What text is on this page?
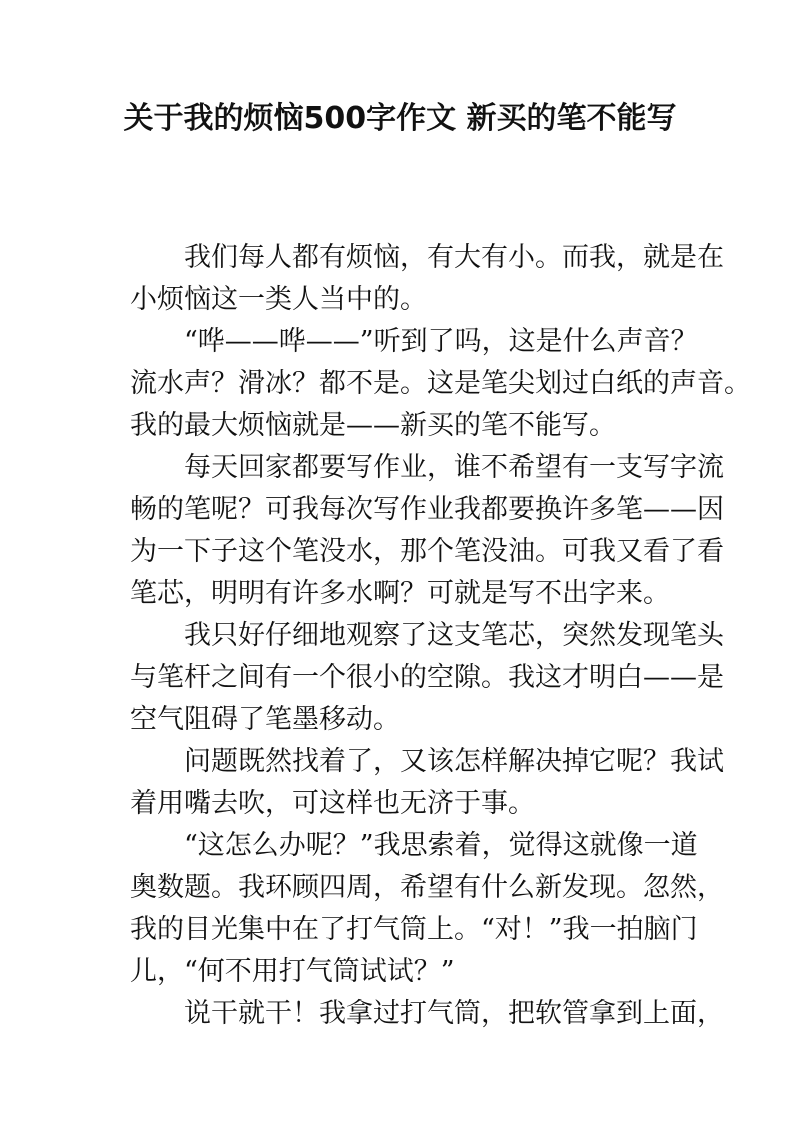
关于我的烦恼500字作文 新买的笔不能写
我们每人都有烦恼，有大有小。而我，就是在
小烦恼这一类人当中的。
“哗——哗——”听到了吗，这是什么声音？
流水声？滑冰？都不是。这是笔尖划过白纸的声音。
我的最大烦恼就是——新买的笔不能写。
每天回家都要写作业，谁不希望有一支写字流
畅的笔呢？可我每次写作业我都要换许多笔——因
为一下子这个笔没水，那个笔没油。可我又看了看
笔芯，明明有许多水啊？可就是写不出字来。
我只好仔细地观察了这支笔芯，突然发现笔头
与笔杆之间有一个很小的空隙。我这才明白——是
空气阻碍了笔墨移动。
问题既然找着了，又该怎样解决掉它呢？我试
着用嘴去吹，可这样也无济于事。
“这怎么办呢？”我思索着，觉得这就像一道
奥数题。我环顾四周，希望有什么新发现。忽然，
我的目光集中在了打气筒上。“对！”我一拍脑门
儿，“何不用打气筒试试？”
说干就干！我拿过打气筒，把软管拿到上面，
